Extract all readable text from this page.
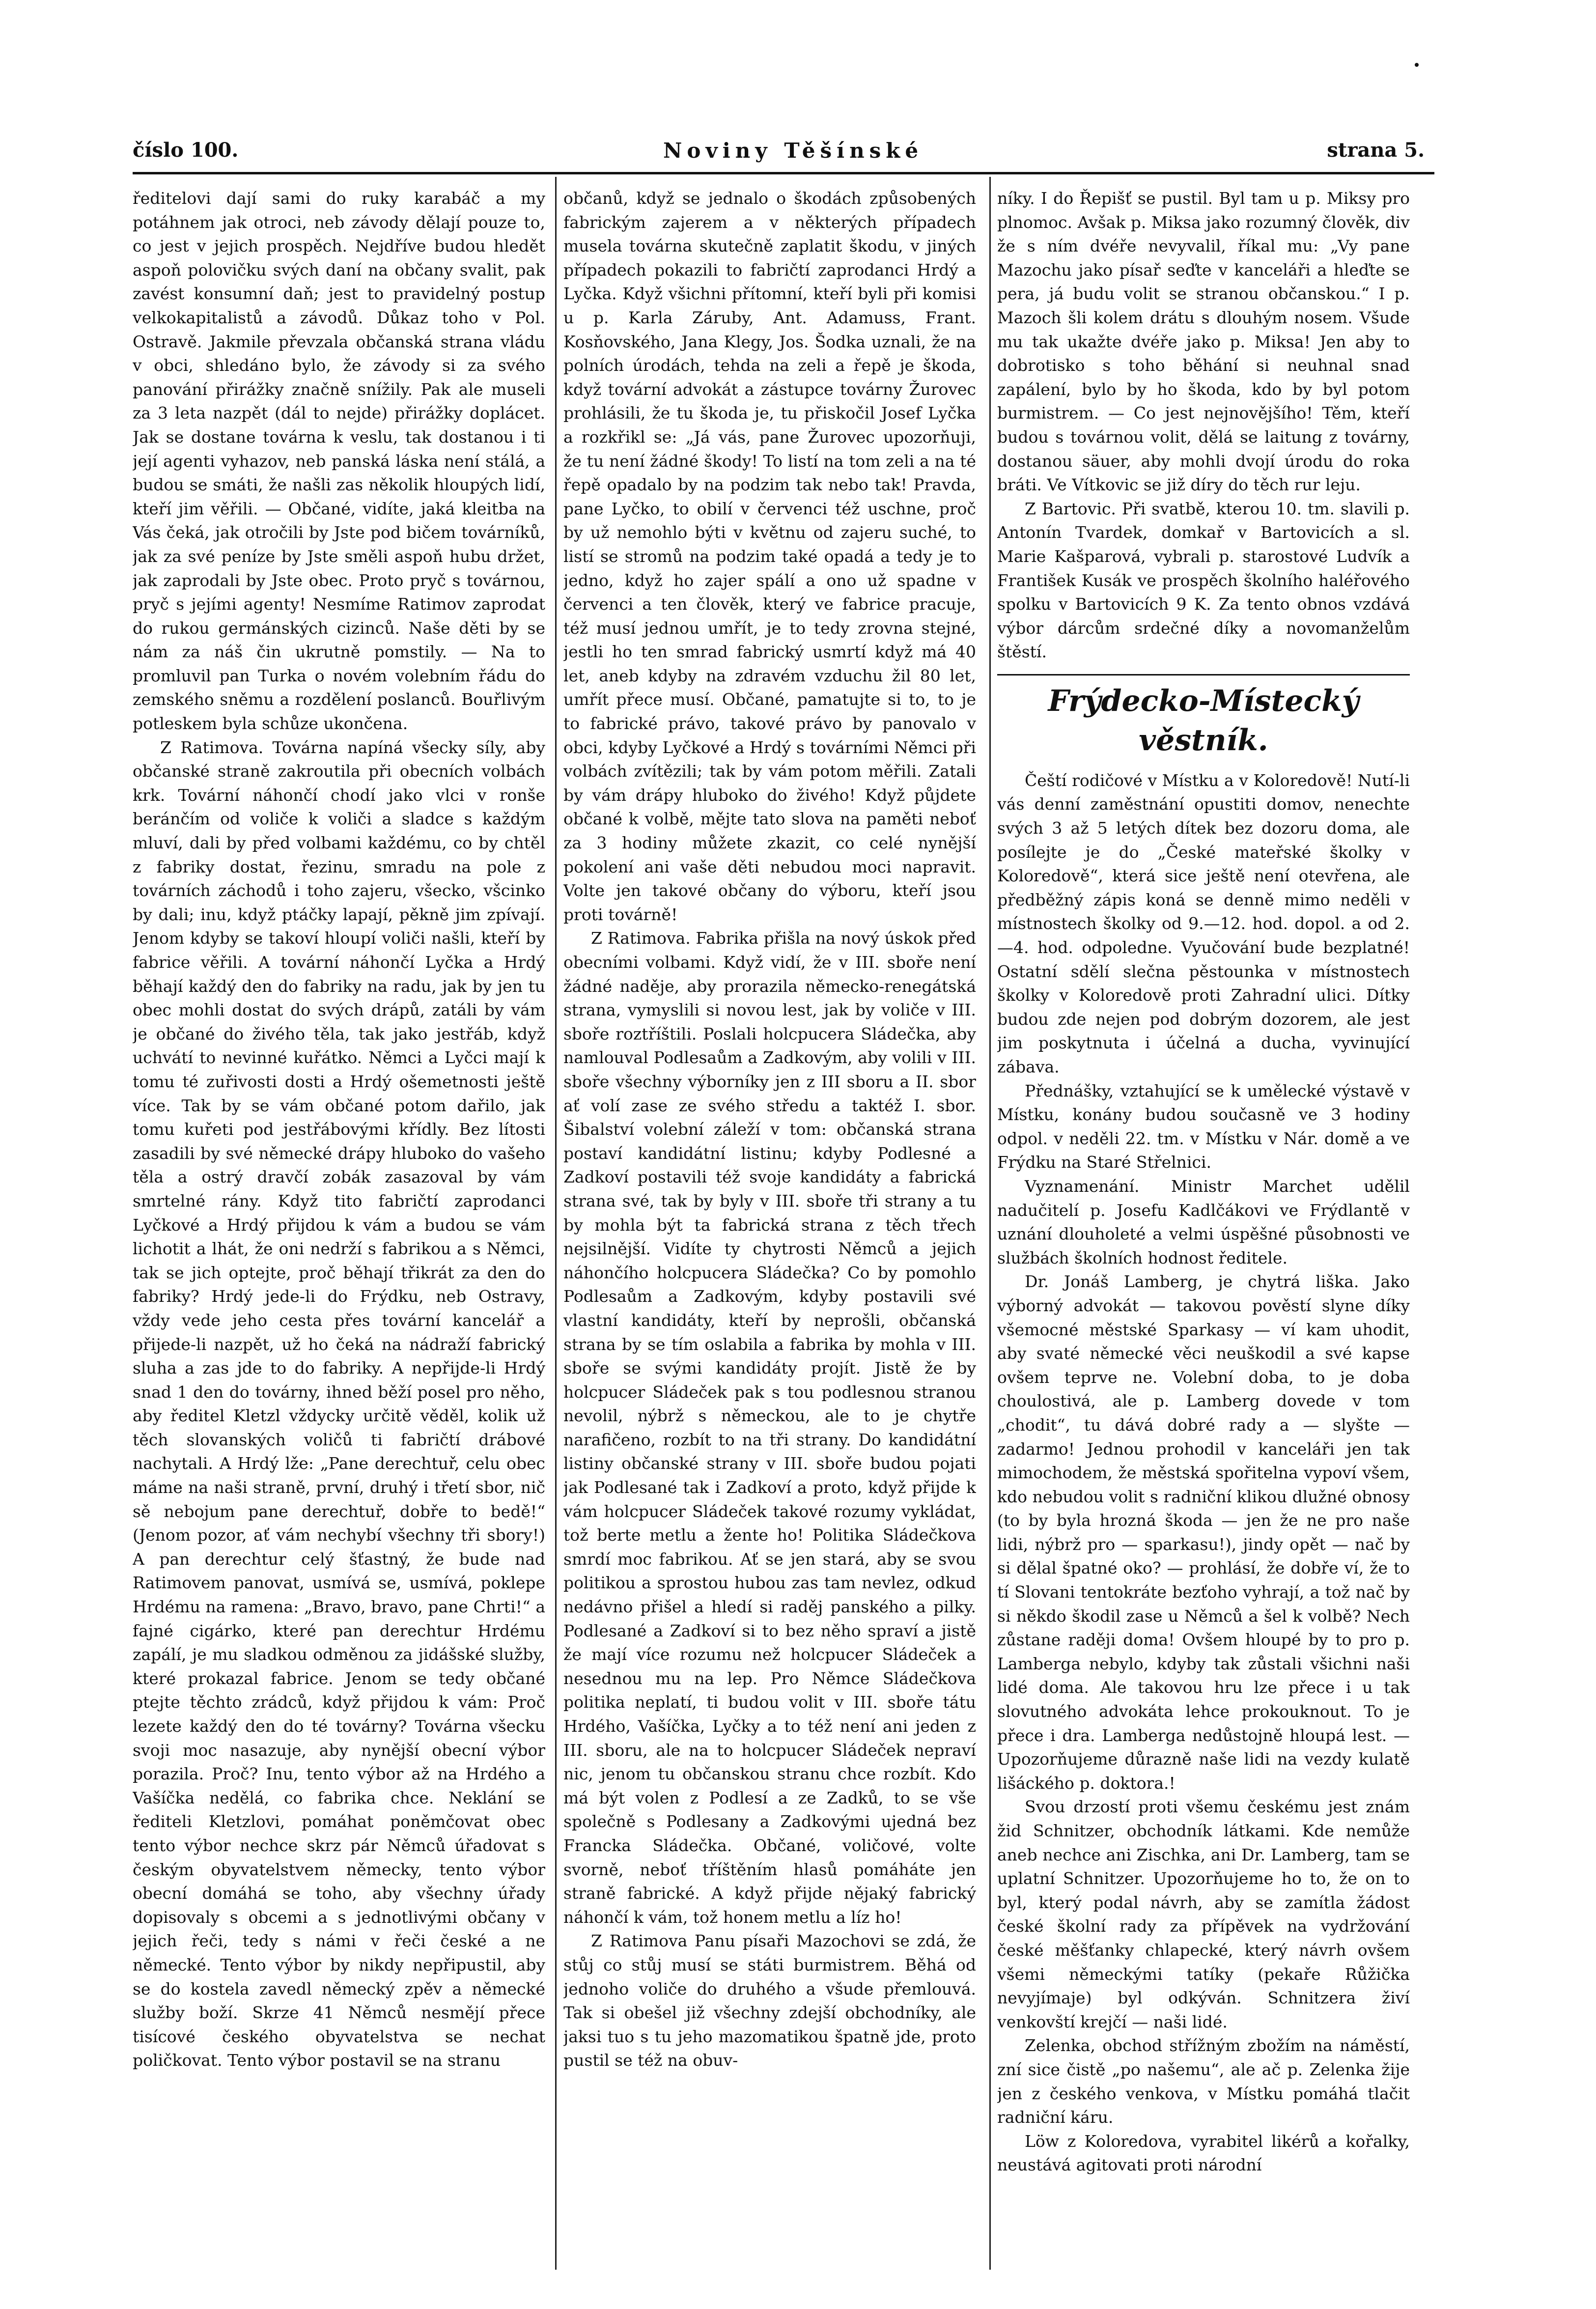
číslo 100.	Noviny Těšínské	strana 5.

ředitelovi dají sami do ruky karabáč a my potáhnem jak otroci, neb závody dělají pouze to, co jest v jejich prospěch. Nejdříve budou hledět aspoň polovičku svých daní na občany svalit, pak zavést konsumní daň; jest to pravidelný postup velkokapitalistů a závodů. Důkaz toho v Pol. Ostravě. Jakmile převzala občanská strana vládu v obci, shledáno bylo, že závody si za svého panování přirážky značně snížily. Pak ale museli za 3 leta nazpět (dál to nejde) přirážky doplácet. Jak se dostane továrna k veslu, tak dostanou i ti její agenti vyhazov, neb panská láska není stálá, a budou se smáti, že našli zas několik hloupých lidí, kteří jim věřili. — Občané, vidíte, jaká kleitba na Vás čeká, jak otročili by Jste pod bičem továrníků, jak za své peníze by Jste směli aspoň hubu držet, jak zaprodali by Jste obec. Proto pryč s továrnou, pryč s jejími agenty! Nesmíme Ratimov zaprodat do rukou germánských cizinců. Naše děti by se nám za náš čin ukrutně pomstily. — Na to promluvil pan Turka o novém volebním řádu do zemského sněmu a rozdělení poslanců. Bouřlivým potleskem byla schůze ukončena.

Z Ratimova. Továrna napíná všecky síly, aby občanské straně zakroutila při obecních volbách krk. Tovární náhončí chodí jako vlci v ronše beránčím od voliče k voliči a sladce s každým mluví, dali by před volbami každému, co by chtěl z fabriky dostat, řezinu, smradu na pole z továrních záchodů i toho zajeru, všecko, všcinko by dali; inu, když ptáčky lapají, pěkně jim zpívají. Jenom kdyby se takoví hloupí voliči našli, kteří by fabrice věřili. A tovární náhončí Lyčka a Hrdý běhají každý den do fabriky na radu, jak by jen tu obec mohli dostat do svých drápů, zatáli by vám je občané do živého těla, tak jako jestřáb, když uchvátí to nevinné kuřátko. Němci a Lyčci mají k tomu té zuřivosti dosti a Hrdý ošemetnosti ještě více. Tak by se vám občané potom dařilo, jak tomu kuřeti pod jestřábovými křídly. Bez lítosti zasadili by své německé drápy hluboko do vašeho těla a ostrý dravčí zobák zasazoval by vám smrtelné rány. Když tito fabričtí zaprodanci Lyčkové a Hrdý přijdou k vám a budou se vám lichotit a lhát, že oni nedrží s fabrikou a s Němci, tak se jich optejte, proč běhají třikrát za den do fabriky? Hrdý jede-li do Frýdku, neb Ostravy, vždy vede jeho cesta přes tovární kancelář a přijede-li nazpět, už ho čeká na nádraží fabrický sluha a zas jde to do fabriky. A nepřijde-li Hrdý snad 1 den do továrny, ihned běží posel pro něho, aby ředitel Kletzl vždycky určitě věděl, kolik už těch slovanských voličů ti fabričtí drábové nachytali. A Hrdý lže: „Pane derechtuř, celu obec máme na naši straně, první, druhý i třetí sbor, nič sě nebojum pane derechtuř, dobře to bedě!“ (Jenom pozor, ať vám nechybí všechny tři sbory!) A pan derechtur celý šťastný, že bude nad Ratimovem panovat, usmívá se, usmívá, poklepe Hrdému na ramena: „Bravo, bravo, pane Chrti!“ a fajné cigárko, které pan derechtur Hrdému zapálí, je mu sladkou odměnou za jidášské služby, které prokazal fabrice. Jenom se tedy občané ptejte těchto zrádců, když přijdou k vám: Proč lezete každý den do té továrny? Továrna všecku svoji moc nasazuje, aby nynější obecní výbor porazila. Proč? Inu, tento výbor až na Hrdého a Vašíčka nedělá, co fabrika chce. Neklání se řediteli Kletzlovi, pomáhat poněmčovat obec tento výbor nechce skrz pár Němců úřadovat s českým obyvatelstvem německy, tento výbor obecní domáhá se toho, aby všechny úřady dopisovaly s obcemi a s jednotlivými občany v jejich řeči, tedy s námi v řeči české a ne německé. Tento výbor by nikdy nepřipustil, aby se do kostela zavedl německý zpěv a německé služby boží. Skrze 41 Němců nesmějí přece tisícové českého obyvatelstva se nechat poličkovat. Tento výbor postavil se na stranu

občanů, když se jednalo o škodách způsobených fabrickým zajerem a v některých případech musela továrna skutečně zaplatit škodu, v jiných případech pokazili to fabričtí zaprodanci Hrdý a Lyčka. Když všichni přítomní, kteří byli při komisi u p. Karla Záruby, Ant. Adamuss, Frant. Kosňovského, Jana Klegy, Jos. Šodka uznali, že na polních úrodách, tehda na zeli a řepě je škoda, když tovární advokát a zástupce továrny Žurovec prohlásili, že tu škoda je, tu přiskočil Josef Lyčka a rozkřikl se: „Já vás, pane Žurovec upozorňuji, že tu není žádné škody! To listí na tom zeli a na té řepě opadalo by na podzim tak nebo tak! Pravda, pane Lyčko, to obilí v červenci též uschne, proč by už nemohlo býti v květnu od zajeru suché, to listí se stromů na podzim také opadá a tedy je to jedno, když ho zajer spálí a ono už spadne v červenci a ten člověk, který ve fabrice pracuje, též musí jednou umřít, je to tedy zrovna stejné, jestli ho ten smrad fabrický usmrtí když má 40 let, aneb kdyby na zdravém vzduchu žil 80 let, umřít přece musí. Občané, pamatujte si to, to je to fabrické právo, takové právo by panovalo v obci, kdyby Lyčkové a Hrdý s továrními Němci při volbách zvítězili; tak by vám potom měřili. Zatali by vám drápy hluboko do živého! Když půjdete občané k volbě, mějte tato slova na paměti neboť za 3 hodiny můžete zkazit, co celé nynější pokolení ani vaše děti nebudou moci napravit. Volte jen takové občany do výboru, kteří jsou proti továrně!

Z Ratimova. Fabrika přišla na nový úskok před obecními volbami. Když vidí, že v III. sboře není žádné naděje, aby prorazila německo-renegátská strana, vymyslili si novou lest, jak by voliče v III. sboře roztříštili. Poslali holcpucera Sládečka, aby namlouval Podlesaům a Zadkovým, aby volili v III. sboře všechny výborníky jen z III sboru a II. sbor ať volí zase ze svého středu a taktéž I. sbor. Šibalství volební záleží v tom: občanská strana postaví kandidátní listinu; kdyby Podlesné a Zadkoví postavili též svoje kandidáty a fabrická strana své, tak by byly v III. sboře tři strany a tu by mohla být ta fabrická strana z těch třech nejsilnější. Vidíte ty chytrosti Němců a jejich náhončího holcpucera Sládečka? Co by pomohlo Podlesaům a Zadkovým, kdyby postavili své vlastní kandidáty, kteří by neprošli, občanská strana by se tím oslabila a fabrika by mohla v III. sboře se svými kandidáty projít. Jistě že by holcpucer Sládeček pak s tou podlesnou stranou nevolil, nýbrž s německou, ale to je chytře narafičeno, rozbít to na tři strany. Do kandidátní listiny občanské strany v III. sboře budou pojati jak Podlesané tak i Zadkoví a proto, když přijde k vám holcpucer Sládeček takové rozumy vykládat, tož berte metlu a žente ho! Politika Sládečkova smrdí moc fabrikou. Ať se jen stará, aby se svou politikou a sprostou hubou zas tam nevlez, odkud nedávno přišel a hledí si raděj panského a pilky. Podlesané a Zadkoví si to bez něho spraví a jistě že mají více rozumu než holcpucer Sládeček a nesednou mu na lep. Pro Němce Sládečkova politika neplatí, ti budou volit v III. sboře tátu Hrdého, Vašíčka, Lyčky a to též není ani jeden z III. sboru, ale na to holcpucer Sládeček nepraví nic, jenom tu občanskou stranu chce rozbít. Kdo má být volen z Podlesí a ze Zadků, to se vše společně s Podlesany a Zadkovými ujedná bez Francka Sládečka. Občané, voličové, volte svorně, neboť tříštěním hlasů pomáháte jen straně fabrické. A když přijde nějaký fabrický náhončí k vám, tož honem metlu a líz ho!

Z Ratimova Panu písaři Mazochovi se zdá, že stůj co stůj musí se státi burmistrem. Běhá od jednoho voliče do druhého a všude přemlouvá. Tak si obešel již všechny zdejší obchodníky, ale jaksi tuo s tu jeho mazomatikou špatně jde, proto pustil se též na obuv-

níky. I do Řepišť se pustil. Byl tam u p. Miksy pro plnomoc. Avšak p. Miksa jako rozumný člověk, div že s ním dvéře nevyvalil, říkal mu: „Vy pane Mazochu jako písař seďte v kanceláři a hleďte se pera, já budu volit se stranou občanskou.“ I p. Mazoch šli kolem drátu s dlouhým nosem. Všude mu tak ukažte dvéře jako p. Miksa! Jen aby to dobrotisko s toho běhání si neuhnal snad zapálení, bylo by ho škoda, kdo by byl potom burmistrem. — Co jest nejnovějšího! Těm, kteří budou s továrnou volit, dělá se laitung z továrny, dostanou säuer, aby mohli dvojí úrodu do roka bráti. Ve Vítkovic se již díry do těch rur leju.

Z Bartovic. Při svatbě, kterou 10. tm. slavili p. Antonín Tvardek, domkař v Bartovicích a sl. Marie Kašparová, vybrali p. starostové Ludvík a František Kusák ve prospěch školního haléřového spolku v Bartovicích 9 K. Za tento obnos vzdává výbor dárcům srdečné díky a novomanželům štěstí.

Frýdecko-Místecký věstník.

Čeští rodičové v Místku a v Koloredově! Nutí-li vás denní zaměstnání opustiti domov, nenechte svých 3 až 5 letých dítek bez dozoru doma, ale posílejte je do „České mateřské školky v Koloredově“, která sice ještě není otevřena, ale předběžný zápis koná se denně mimo neděli v místnostech školky od 9.—12. hod. dopol. a od 2.—4. hod. odpoledne. Vyučování bude bezplatné! Ostatní sdělí slečna pěstounka v místnostech školky v Koloredově proti Zahradní ulici. Dítky budou zde nejen pod dobrým dozorem, ale jest jim poskytnuta i účelná a ducha, vyvinující zábava.

Přednášky, vztahující se k umělecké výstavě v Místku, konány budou současně ve 3 hodiny odpol. v neděli 22. tm. v Místku v Nár. domě a ve Frýdku na Staré Střelnici.

Vyznamenání. Ministr Marchet udělil nadučitelí p. Josefu Kadlčákovi ve Frýdlantě v uznání dlouholeté a velmi úspěšné působnosti ve službách školních hodnost ředitele.

Dr. Jonáš Lamberg, je chytrá liška. Jako výborný advokát — takovou pověstí slyne díky všemocné městské Sparkasy — ví kam uhodit, aby svaté německé věci neuškodil a své kapse ovšem teprve ne. Volební doba, to je doba choulostivá, ale p. Lamberg dovede v tom „chodit“, tu dává dobré rady a — slyšte — zadarmo! Jednou prohodil v kanceláři jen tak mimochodem, že městská spořitelna vypoví všem, kdo nebudou volit s radniční klikou dlužné obnosy (to by byla hrozná škoda — jen že ne pro naše lidi, nýbrž pro — sparkasu!), jindy opět — nač by si dělal špatné oko? — prohlásí, že dobře ví, že to tí Slovani tentokráte bezťoho vyhrají, a tož nač by si někdo škodil zase u Němců a šel k volbě? Nech zůstane raději doma! Ovšem hloupé by to pro p. Lamberga nebylo, kdyby tak zůstali všichni naši lidé doma. Ale takovou hru lze přece i u tak slovutného advokáta lehce prokouknout. To je přece i dra. Lamberga nedůstojně hloupá lest. — Upozorňujeme důrazně naše lidi na vezdy kulatě lišáckého p. doktora.!

Svou drzostí proti všemu českému jest znám žid Schnitzer, obchodník látkami. Kde nemůže aneb nechce ani Zischka, ani Dr. Lamberg, tam se uplatní Schnitzer. Upozorňujeme ho to, že on to byl, který podal návrh, aby se zamítla žádost české školní rady za přípěvek na vydržování české měšťanky chlapecké, který návrh ovšem všemi německými tatíky (pekaře Růžička nevyjímaje) byl odkýván. Schnitzera živí venkovští krejčí — naši lidé.

Zelenka, obchod střížným zbožím na náměstí, zní sice čistě „po našemu“, ale ač p. Zelenka žije jen z českého venkova, v Místku pomáhá tlačit radniční káru.

Löw z Koloredova, vyrabitel likérů a kořalky, neustává agitovati proti národní
